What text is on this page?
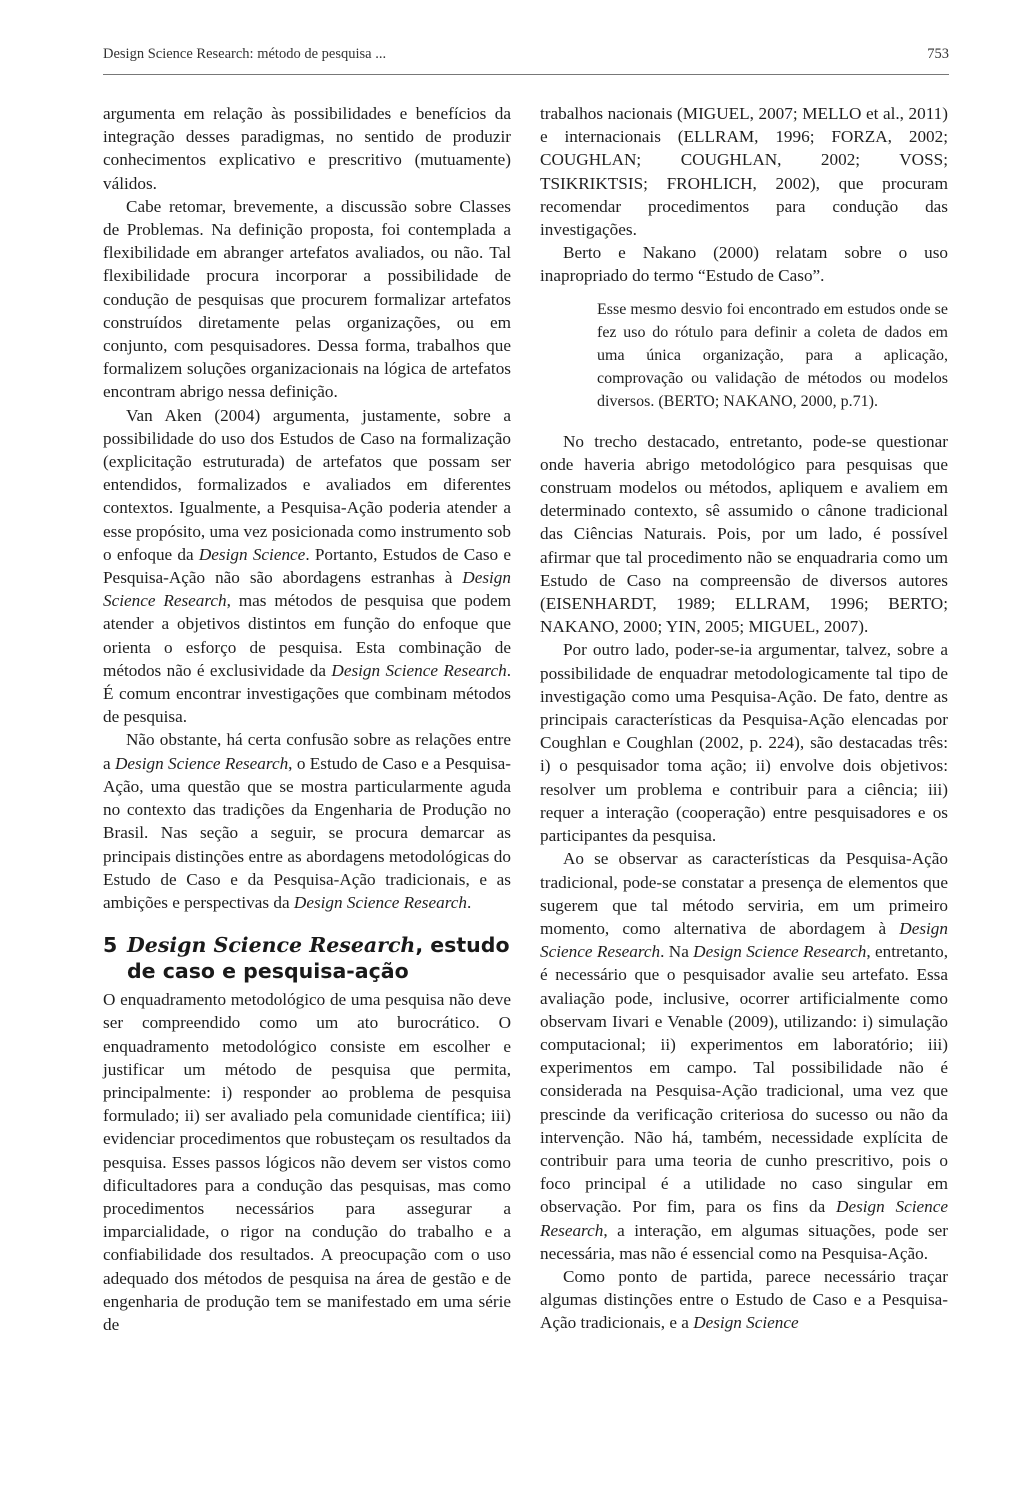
Design Science Research: método de pesquisa ...	753

argumenta em relação às possibilidades e benefícios da integração desses paradigmas, no sentido de produzir conhecimentos explicativo e prescritivo (mutuamente) válidos.

Cabe retomar, brevemente, a discussão sobre Classes de Problemas. Na definição proposta, foi contemplada a flexibilidade em abranger artefatos avaliados, ou não. Tal flexibilidade procura incorporar a possibilidade de condução de pesquisas que procurem formalizar artefatos construídos diretamente pelas organizações, ou em conjunto, com pesquisadores. Dessa forma, trabalhos que formalizem soluções organizacionais na lógica de artefatos encontram abrigo nessa definição.

Van Aken (2004) argumenta, justamente, sobre a possibilidade do uso dos Estudos de Caso na formalização (explicitação estruturada) de artefatos que possam ser entendidos, formalizados e avaliados em diferentes contextos. Igualmente, a Pesquisa-Ação poderia atender a esse propósito, uma vez posicionada como instrumento sob o enfoque da Design Science. Portanto, Estudos de Caso e Pesquisa-Ação não são abordagens estranhas à Design Science Research, mas métodos de pesquisa que podem atender a objetivos distintos em função do enfoque que orienta o esforço de pesquisa. Esta combinação de métodos não é exclusividade da Design Science Research. É comum encontrar investigações que combinam métodos de pesquisa.

Não obstante, há certa confusão sobre as relações entre a Design Science Research, o Estudo de Caso e a Pesquisa-Ação, uma questão que se mostra particularmente aguda no contexto das tradições da Engenharia de Produção no Brasil. Nas seção a seguir, se procura demarcar as principais distinções entre as abordagens metodológicas do Estudo de Caso e da Pesquisa-Ação tradicionais, e as ambições e perspectivas da Design Science Research.

5 Design Science Research, estudo de caso e pesquisa-ação

O enquadramento metodológico de uma pesquisa não deve ser compreendido como um ato burocrático. O enquadramento metodológico consiste em escolher e justificar um método de pesquisa que permita, principalmente: i) responder ao problema de pesquisa formulado; ii) ser avaliado pela comunidade científica; iii) evidenciar procedimentos que robusteçam os resultados da pesquisa. Esses passos lógicos não devem ser vistos como dificultadores para a condução das pesquisas, mas como procedimentos necessários para assegurar a imparcialidade, o rigor na condução do trabalho e a confiabilidade dos resultados. A preocupação com o uso adequado dos métodos de pesquisa na área de gestão e de engenharia de produção tem se manifestado em uma série de

trabalhos nacionais (MIGUEL, 2007; MELLO et al., 2011) e internacionais (ELLRAM, 1996; FORZA, 2002; COUGHLAN; COUGHLAN, 2002; VOSS; TSIKRIKTSIS; FROHLICH, 2002), que procuram recomendar procedimentos para condução das investigações.

Berto e Nakano (2000) relatam sobre o uso inapropriado do termo “Estudo de Caso”.

Esse mesmo desvio foi encontrado em estudos onde se fez uso do rótulo para definir a coleta de dados em uma única organização, para a aplicação, comprovação ou validação de métodos ou modelos diversos. (BERTO; NAKANO, 2000, p.71).

No trecho destacado, entretanto, pode-se questionar onde haveria abrigo metodológico para pesquisas que construam modelos ou métodos, apliquem e avaliem em determinado contexto, sê assumido o cânone tradicional das Ciências Naturais. Pois, por um lado, é possível afirmar que tal procedimento não se enquadraria como um Estudo de Caso na compreensão de diversos autores (EISENHARDT, 1989; ELLRAM, 1996; BERTO; NAKANO, 2000; YIN, 2005; MIGUEL, 2007).

Por outro lado, poder-se-ia argumentar, talvez, sobre a possibilidade de enquadrar metodologicamente tal tipo de investigação como uma Pesquisa-Ação. De fato, dentre as principais características da Pesquisa-Ação elencadas por Coughlan e Coughlan (2002, p. 224), são destacadas três: i) o pesquisador toma ação; ii) envolve dois objetivos: resolver um problema e contribuir para a ciência; iii) requer a interação (cooperação) entre pesquisadores e os participantes da pesquisa.

Ao se observar as características da Pesquisa-Ação tradicional, pode-se constatar a presença de elementos que sugerem que tal método serviria, em um primeiro momento, como alternativa de abordagem à Design Science Research. Na Design Science Research, entretanto, é necessário que o pesquisador avalie seu artefato. Essa avaliação pode, inclusive, ocorrer artificialmente como observam Iivari e Venable (2009), utilizando: i) simulação computacional; ii) experimentos em laboratório; iii) experimentos em campo. Tal possibilidade não é considerada na Pesquisa-Ação tradicional, uma vez que prescinde da verificação criteriosa do sucesso ou não da intervenção. Não há, também, necessidade explícita de contribuir para uma teoria de cunho prescritivo, pois o foco principal é a utilidade no caso singular em observação. Por fim, para os fins da Design Science Research, a interação, em algumas situações, pode ser necessária, mas não é essencial como na Pesquisa-Ação.

Como ponto de partida, parece necessário traçar algumas distinções entre o Estudo de Caso e a Pesquisa-Ação tradicionais, e a Design Science
